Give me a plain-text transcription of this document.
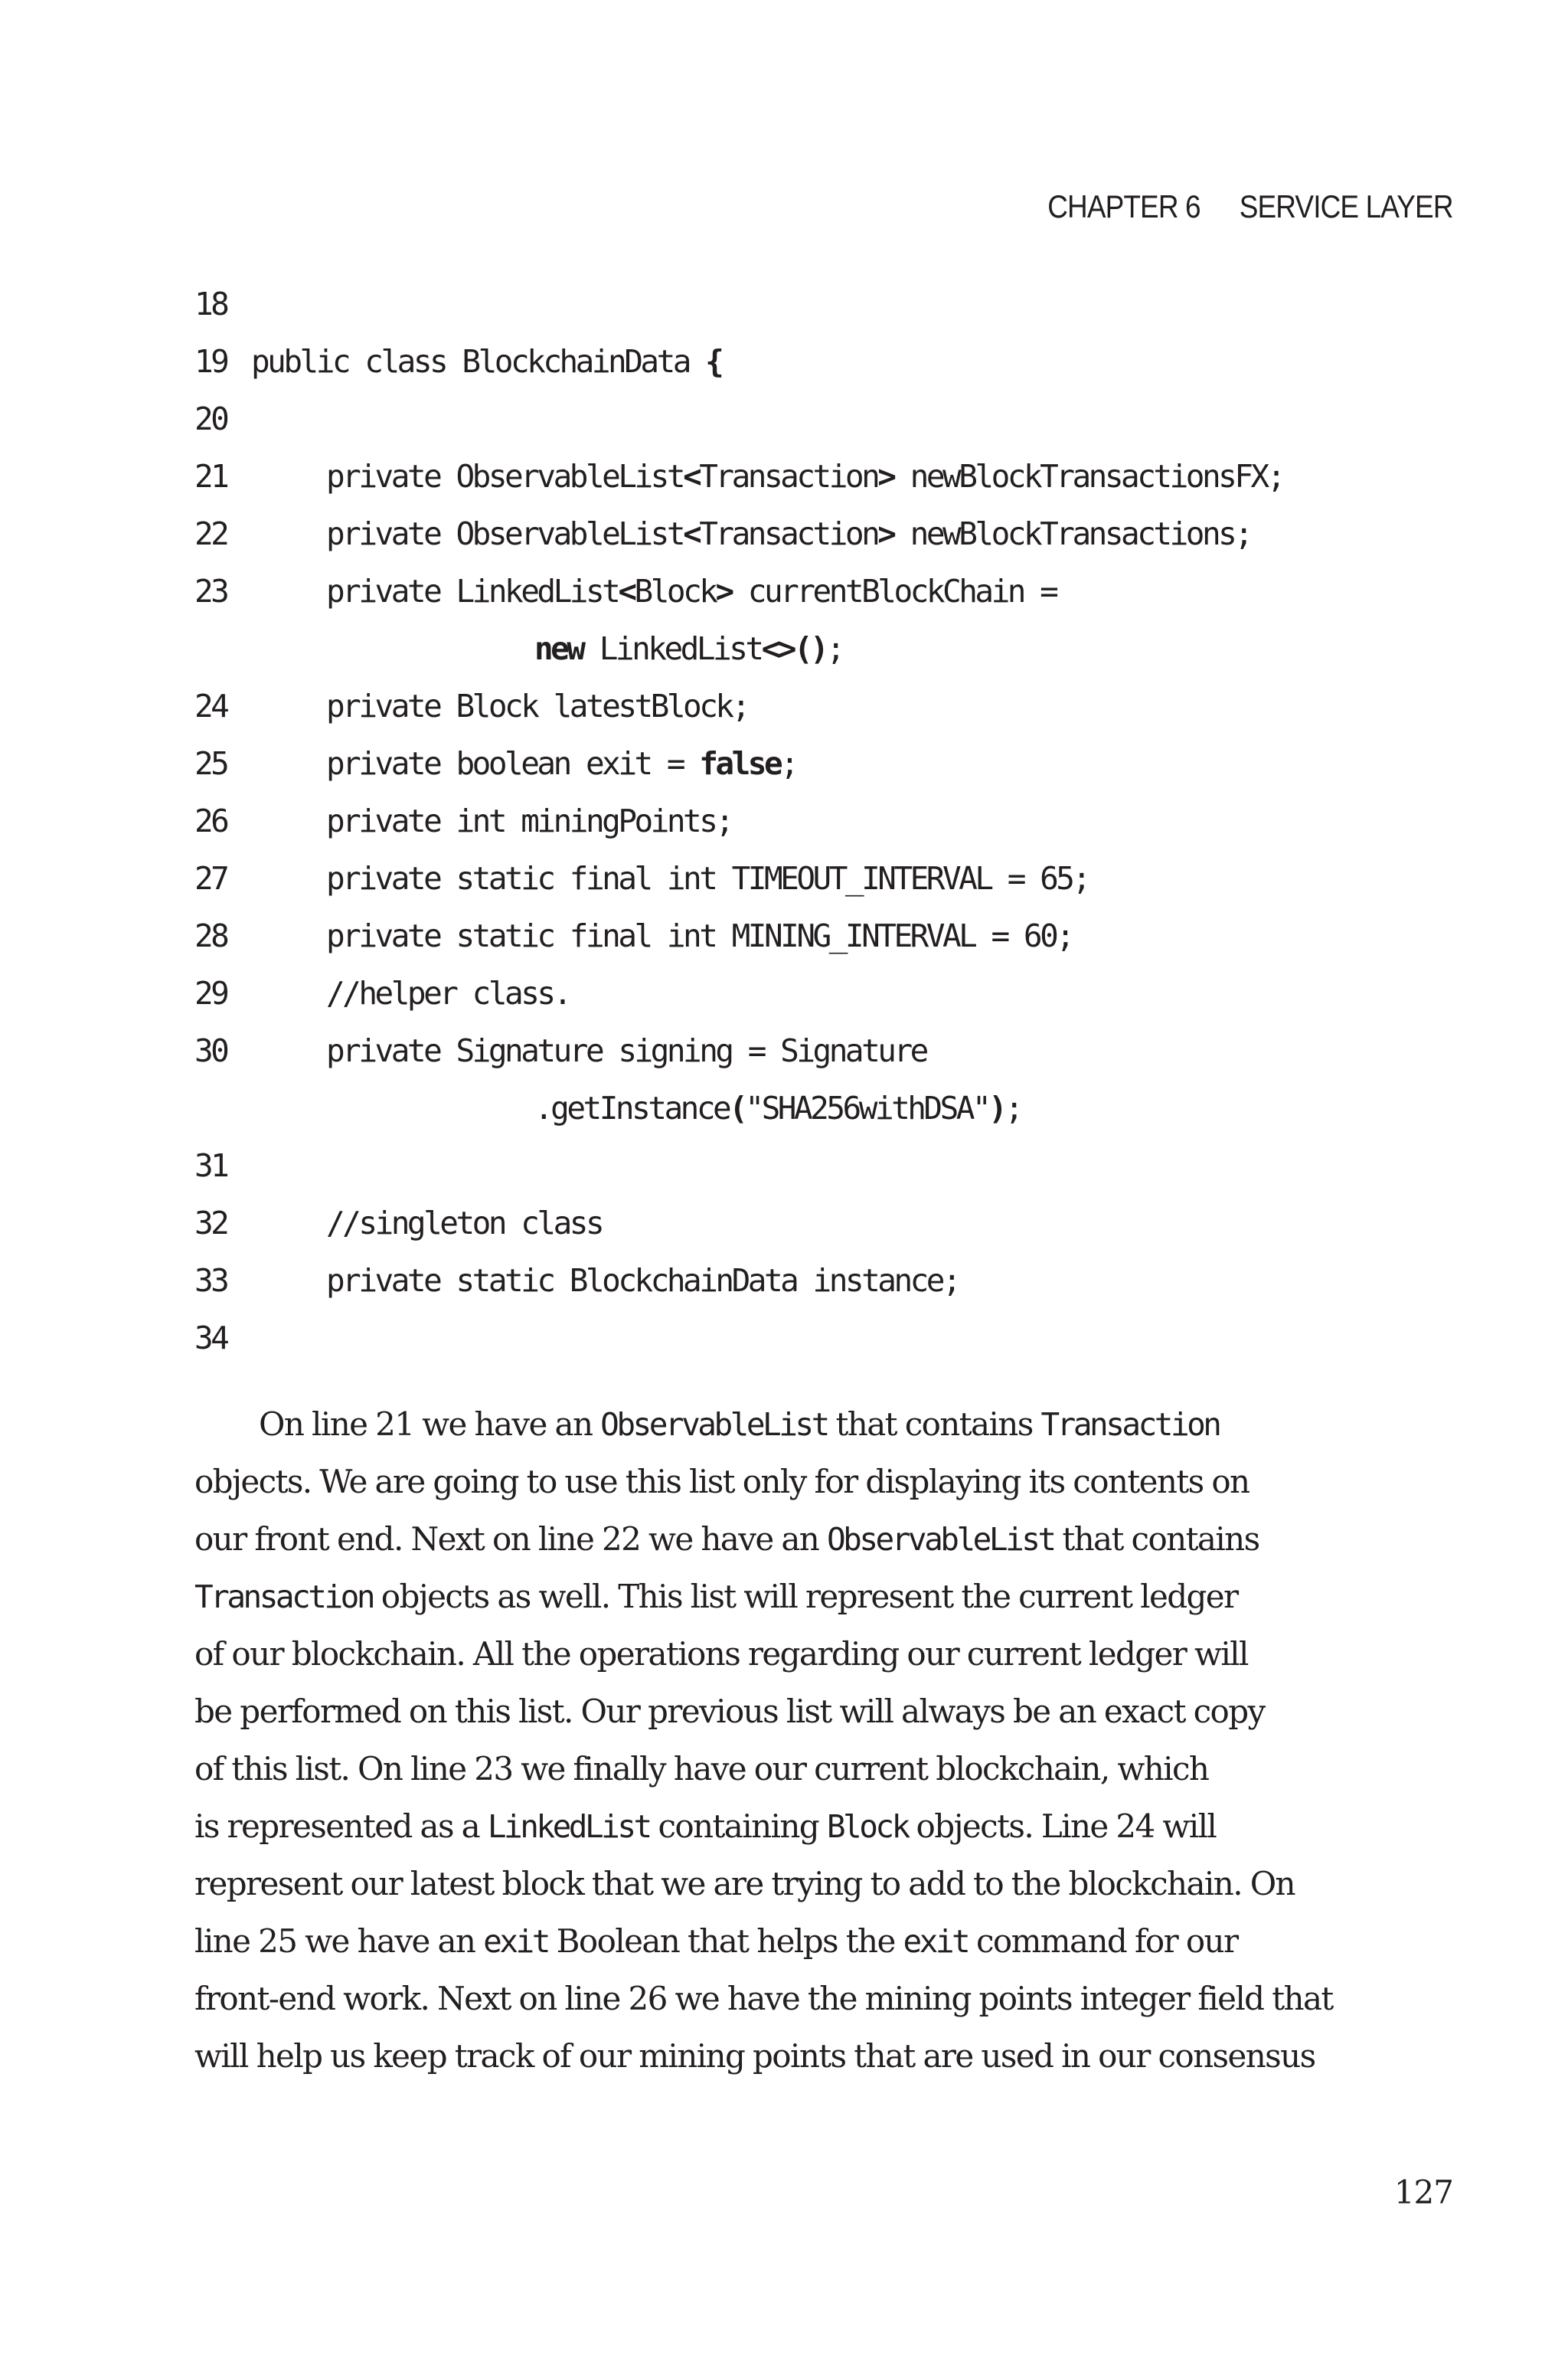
CHAPTER 6 SERVICE LAYER
18
19 public class BlockchainData {
20
21	private ObservableList<Transaction> newBlockTransactionsFX;
22	private ObservableList<Transaction> newBlockTransactions;
23	private LinkedList<Block> currentBlockChain =
new LinkedList<>();
24	private Block latestBlock;
25	private boolean exit = false;
26	private int miningPoints;
27	private static final int TIMEOUT_INTERVAL = 65;
28	private static final int MINING_INTERVAL = 60;
29	//helper class.
30	private Signature signing = Signature
.getInstance("SHA256withDSA");
31
32	//singleton class
33	private static BlockchainData instance;
34
On line 21 we have an ObservableList that contains Transaction
objects. We are going to use this list only for displaying its contents on
our front end. Next on line 22 we have an ObservableList that contains
Transaction objects as well. This list will represent the current ledger
of our blockchain. All the operations regarding our current ledger will
be performed on this list. Our previous list will always be an exact copy
of this list. On line 23 we finally have our current blockchain, which
is represented as a LinkedList containing Block objects. Line 24 will
represent our latest block that we are trying to add to the blockchain. On
line 25 we have an exit Boolean that helps the exit command for our
front-end work. Next on line 26 we have the mining points integer field that
will help us keep track of our mining points that are used in our consensus
127
